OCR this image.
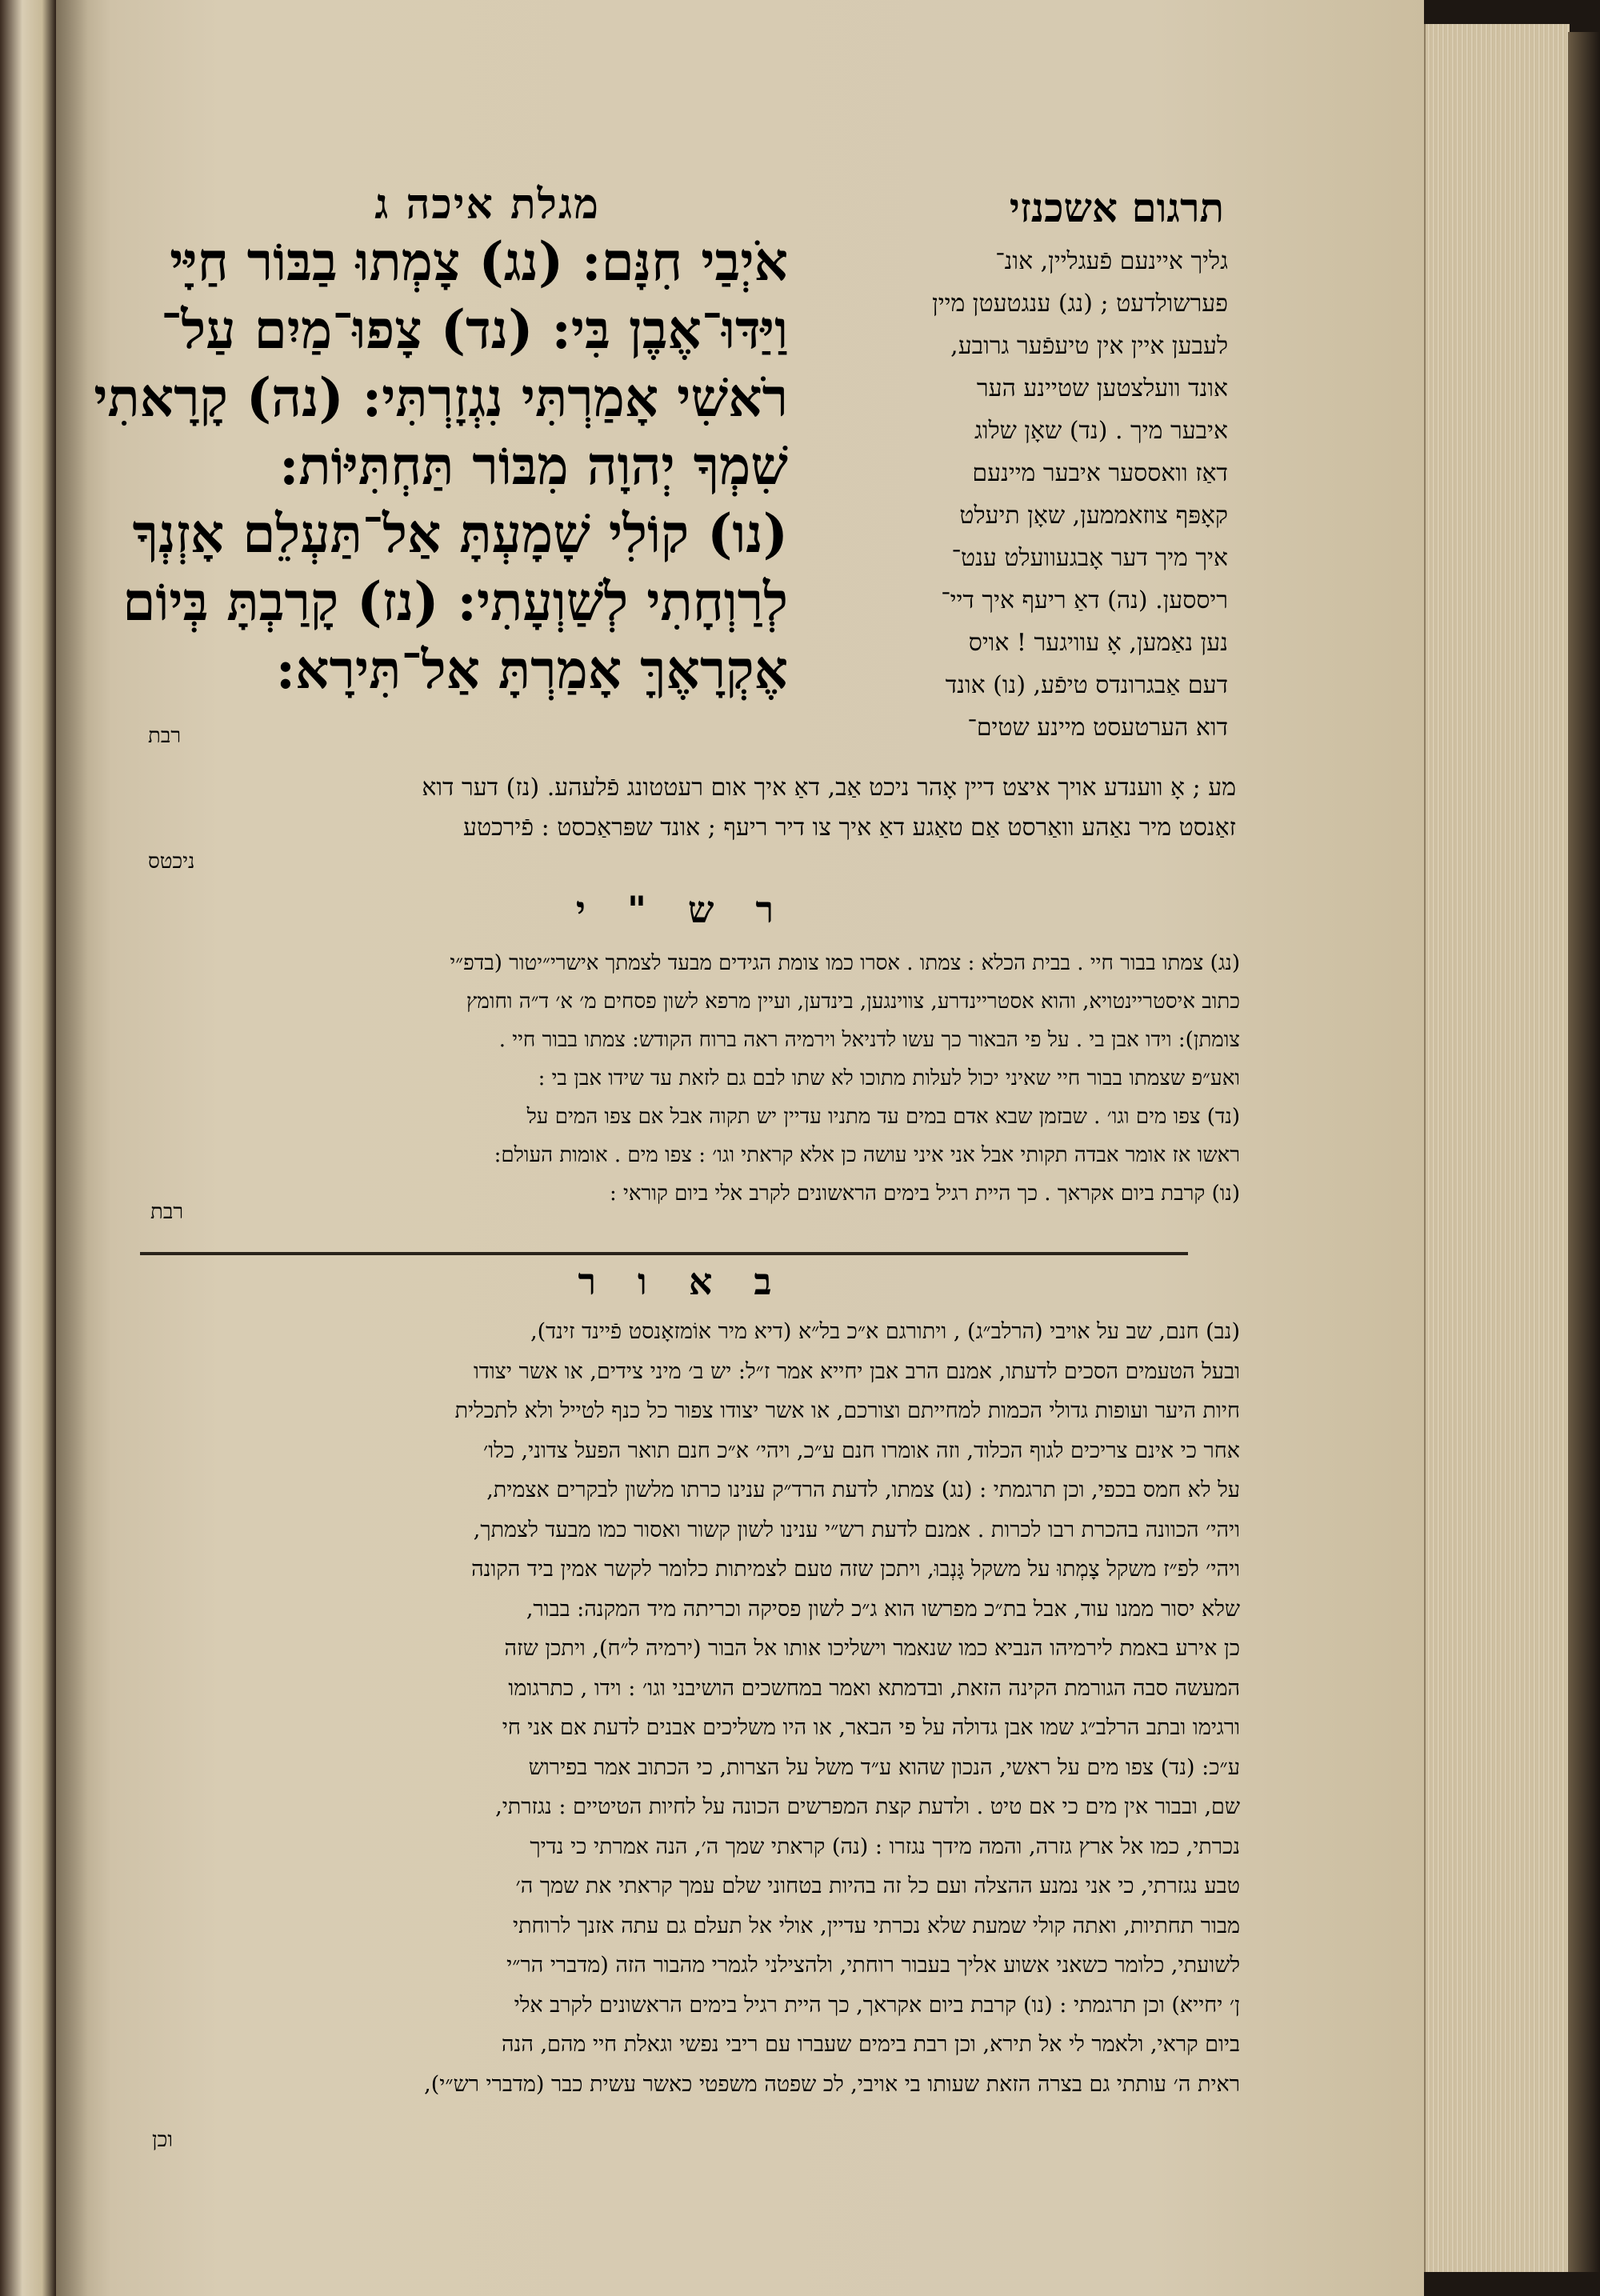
תרגום אשכנזי
מגלת איכה ג
גליך איינעם פֿעגליין, אונ־
פערשולדעט ; (נג) ענגטעטן מיין
לעבען איין אין טיעפֿער גרובע,
אונד וועלצטען שטיינע הער
איבער מיך . (נד) שאָן שלוג
דאַז וואססער איבער מיינעם
קאָפּף צוזאממען, שאָן תיעלט
איך מיך דער אָבגעוועלט ענט־
ריססען. (נה) דאַ ריעף איך דיי־
נען נאַמען, אָ עוויגער ! אויס
דעם אַבגרונדס טיפֿע, (נו) אונד
דוא הערטעסט מיינע שטים־
אֹיְבַי חִנָּם: (נג) צָמְתוּ בַבּוֹר חַיָּי
וַיַּדּוּ־אֶבֶן בִּי: (נד) צָפוּ־מַיִם עַל־
רֹאשִׁי אָמַרְתִּי נִגְזָרְתִּי: (נה) קָרָאתִי
שִׁמְךָ יְהוָה מִבּוֹר תַּחְתִּיּוֹת:
(נו) קוֹלִי שָׁמָעְתָּ אַל־תַּעְלֵם אָזְנְךָ
לְרַוְחָתִי לְשַׁוְעָתִי: (נז) קָרַבְתָּ בְּיוֹם
אֶקְרָאֶךָּ אָמַרְתָּ אַל־תִּירָא:
רבת
מע ; אָ ווענדע אויך איצט דיין אָהר ניכט אַב, דאַ איך אום רעטטונג פֿלעהע. (נז) דער דוא
זאַנסט מיר נאַהע וואַרסט אַם טאַגע דאַ איך צו דיר ריעף ; אונד שפּראַכסט : פֿירכטע
ניכטס
ר ש " י
(נג) צמתו בבור חיי . בבית הכלא : צמתו . אסרו כמו צומת הגידים מבעד לצמתך אישרי״יטור (בדפ״י
כתוב איסטריינטויא, והוא אסטריינדרע, צווינגען, בינדען, ועיין מרפא לשון פסחים מ׳ א׳ ד״ה וחומץ
צומתן): וידו אבן בי . על פי הבאור כך עשו לדניאל וירמיה ראה ברוח הקודש: צמתו בבור חיי .
ואע״פ שצמתו בבור חיי שאיני יכול לעלות מתוכו לא שתו לבם גם לזאת עד שידו אבן בי :
(נד) צפו מים וגו׳ . שבזמן שבא אדם במים עד מתניו עדיין יש תקוה אבל אם צפו המים על
ראשו אז אומר אבדה תקותי אבל אני איני עושה כן אלא קראתי וגו׳ : צפו מים . אומות העולם:
(נו) קרבת ביום אקראך . כך היית רגיל בימים הראשונים לקרב אלי ביום קוראי :
רבת
ב א ו ר
(נב) חנם, שב על אויבי (הרלב״ג) , ויתורגם א״כ בל״א (דיא מיר אוֹמזאָנסט פֿיינד זינד),
ובעל הטעמים הסכים לדעתו, אמנם הרב אבן יחייא אמר ז״ל: יש ב׳ מיני צידים, או אשר יצודו
חיות היער ועופות גדולי הכמות למחייתם וצורכם, או אשר יצודו צפור כל כנף לטייל ולא לתכלית
אחר כי אינם צריכים לגוף הכלוד, וזה אומרו חנם ע״כ, ויהי׳ א״כ חנם תואר הפעל צדוני, כלו׳
על לא חמס בכפי, וכן תרגמתי : (נג) צמתו, לדעת הרד״ק ענינו כרתו מלשון לבקרים אצמית,
ויהי׳ הכוונה בהכרת רבו לכרות . אמנם לדעת רש״י ענינו לשון קשור ואסור כמו מבעד לצמתך,
ויהי׳ לפ״ז משקל צָמְתוּ על משקל גָּנְבוּ, ויתכן שזה טעם לצמיתות כלומר לקשר אמין ביד הקונה
שלא יסור ממנו עוד, אבל בת״כ מפרשו הוא ג״כ לשון פסיקה וכריתה מיד המקנה: בבור,
כן אירע באמת לירמיהו הנביא כמו שנאמר וישליכו אותו אל הבור (ירמיה ל״ח), ויתכן שזה
המעשה סבה הגורמת הקינה הזאת, ובדמתא ואמר במחשכים הושיבני וגו׳ : וידו , כתרגומו
ורגימו ובתב הרלב״ג שמו אבן גדולה על פי הבאר, או היו משליכים אבנים לדעת אם אני חי
ע״כ: (נד) צפו מים על ראשי, הנכון שהוא ע״ד משל על הצרות, כי הכתוב אמר בפירוש
שם, ובבור אין מים כי אם טיט . ולדעת קצת המפרשים הכונה על לחיות הטיטיים : נגזרתי,
נכרתי, כמו אל ארץ גזרה, והמה מידך נגזרו : (נה) קראתי שמך ה׳, הנה אמרתי כי נדיך
טבע נגזרתי, כי אני נמנע ההצלה ועם כל זה בהיות בטחוני שלם עמך קראתי את שמך ה׳
מבור תחתיות, ואתה קולי שמעת שלא נכרתי עדיין, אולי אל תעלם גם עתה אזנך לרוחתי
לשועתי, כלומר כשאני אשוע אליך בעבור רוחתי, ולהצילני לגמרי מהבור הזה (מדברי הר״י
ן׳ יחייא) וכן תרגמתי : (נו) קרבת ביום אקראך, כך היית רגיל בימים הראשונים לקרב אלי
ביום קראי, ולאמר לי אל תירא, וכן רבת בימים שעברו עם ריבי נפשי וגאלת חיי מהם, הנה
ראית ה׳ עותתי גם בצרה הזאת שעותו בי אויבי, לכ שפטה משפטי כאשר עשית כבר (מדברי רש״י),
וכן
